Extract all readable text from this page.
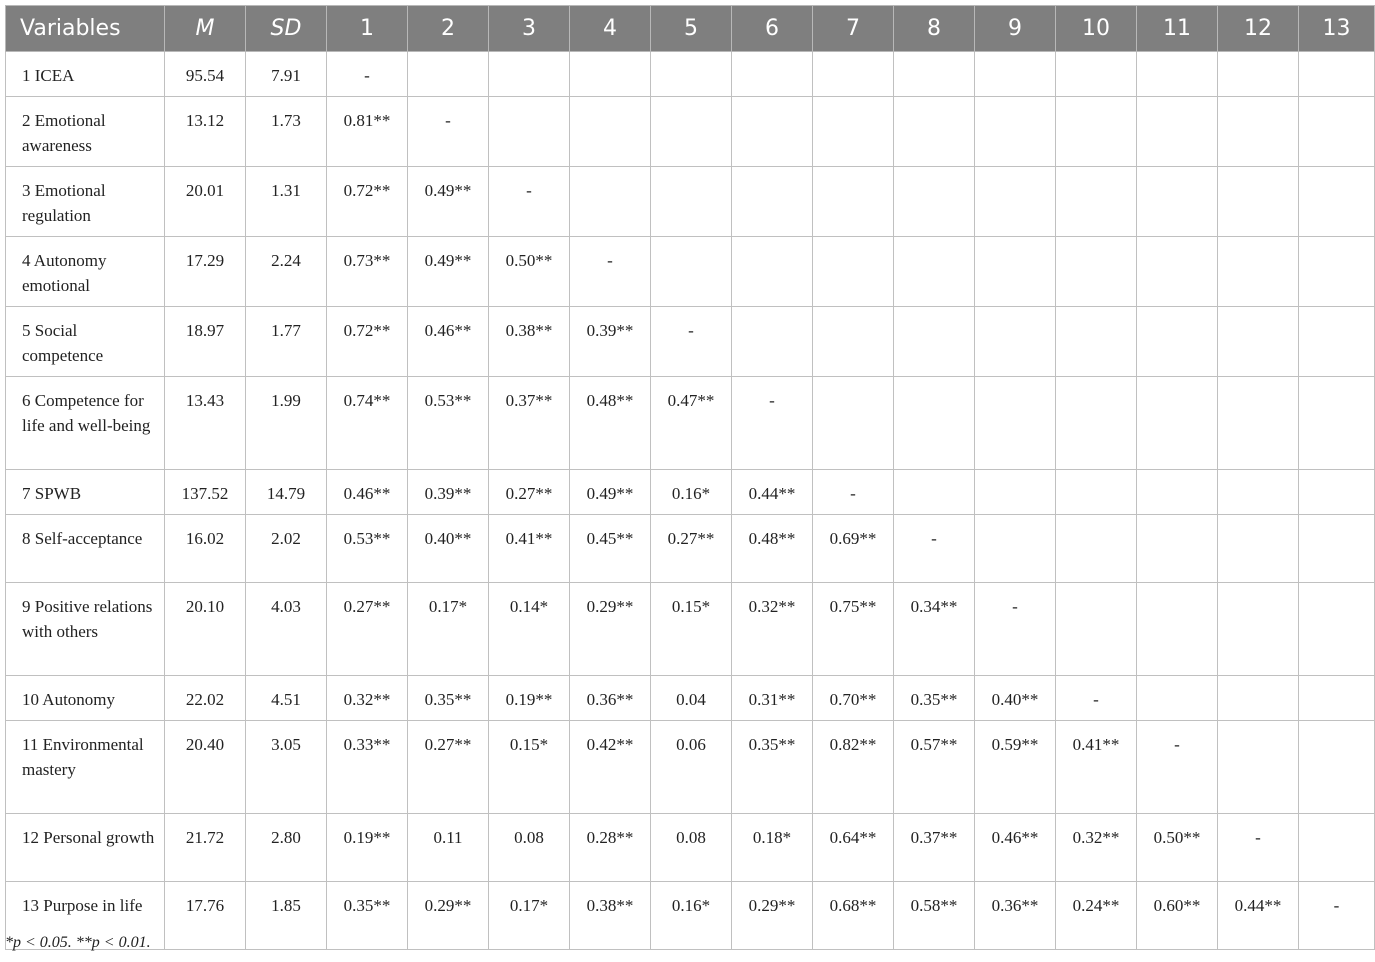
Variables	M	SD	1	2	3	4	5	6	7	8	9	10	11	12	13
1 ICEA	95.54	7.91	-												
2 Emotional awareness	13.12	1.73	0.81**	-											
3 Emotional regulation	20.01	1.31	0.72**	0.49**	-										
4 Autonomy emotional	17.29	2.24	0.73**	0.49**	0.50**	-									
5 Social competence	18.97	1.77	0.72**	0.46**	0.38**	0.39**	-								
6 Competence for life and well-being	13.43	1.99	0.74**	0.53**	0.37**	0.48**	0.47**	-							
7 SPWB	137.52	14.79	0.46**	0.39**	0.27**	0.49**	0.16*	0.44**	-						
8 Self-acceptance	16.02	2.02	0.53**	0.40**	0.41**	0.45**	0.27**	0.48**	0.69**	-					
9 Positive relations with others	20.10	4.03	0.27**	0.17*	0.14*	0.29**	0.15*	0.32**	0.75**	0.34**	-				
10 Autonomy	22.02	4.51	0.32**	0.35**	0.19**	0.36**	0.04	0.31**	0.70**	0.35**	0.40**	-			
11 Environmental mastery	20.40	3.05	0.33**	0.27**	0.15*	0.42**	0.06	0.35**	0.82**	0.57**	0.59**	0.41**	-		
12 Personal growth	21.72	2.80	0.19**	0.11	0.08	0.28**	0.08	0.18*	0.64**	0.37**	0.46**	0.32**	0.50**	-	
13 Purpose in life	17.76	1.85	0.35**	0.29**	0.17*	0.38**	0.16*	0.29**	0.68**	0.58**	0.36**	0.24**	0.60**	0.44**	-
*p < 0.05. **p < 0.01.
